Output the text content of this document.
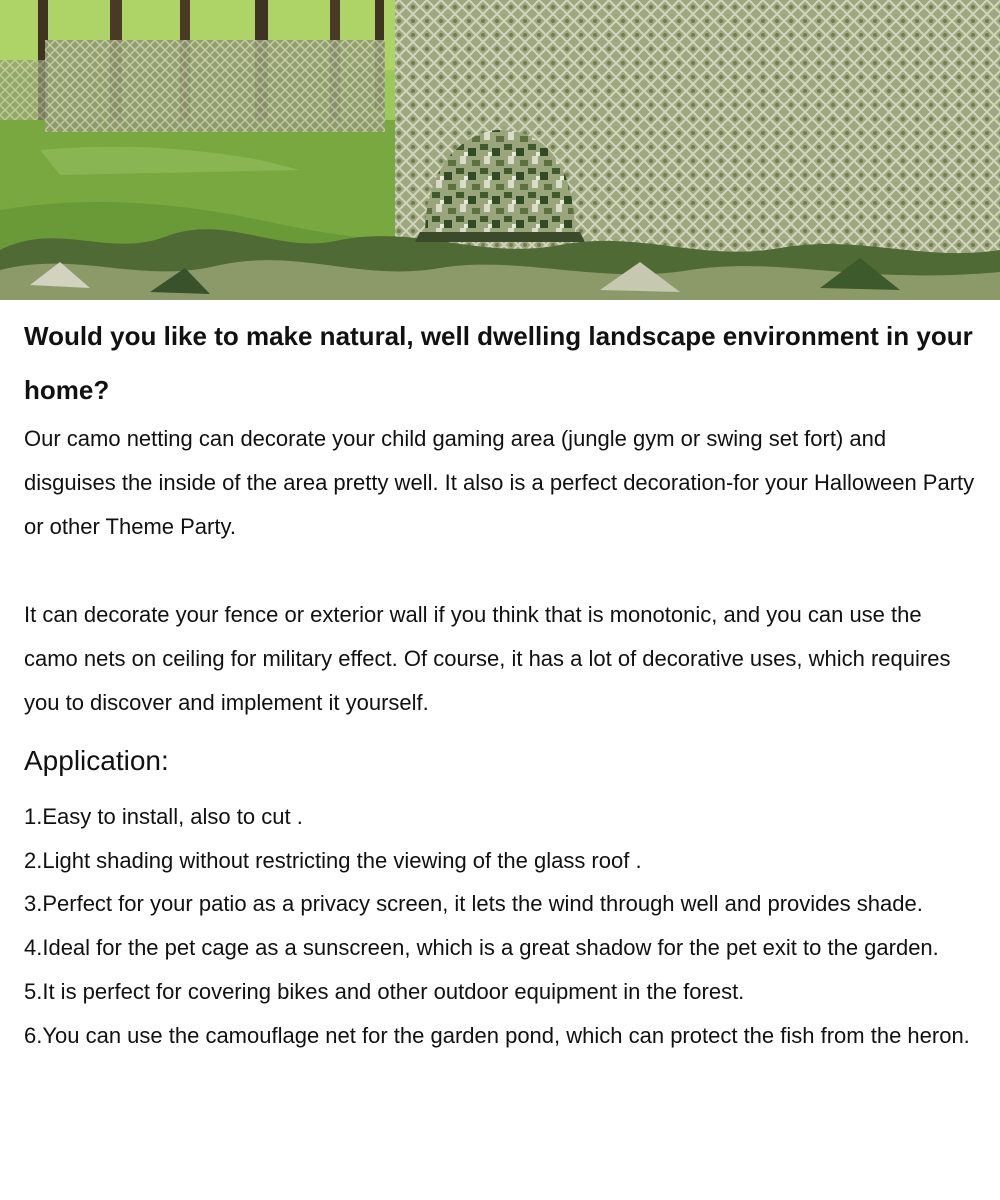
Would you like to make natural, well dwelling landscape environment in your home?

Our camo netting can decorate your child gaming area (jungle gym or swing set fort) and disguises the inside of the area pretty well. It also is a perfect decoration-for your Halloween Party or other Theme Party.

It can decorate your fence or exterior wall if you think that is monotonic, and you can use the camo nets on ceiling for military effect. Of course, it has a lot of decorative uses, which requires you to discover and implement it yourself.

Application:
1.Easy to install, also to cut .
2.Light shading without restricting the viewing of the glass roof .
3.Perfect for your patio as a privacy screen, it lets the wind through well and provides shade.
4.Ideal for the pet cage as a sunscreen, which is a great shadow for the pet exit to the garden.
5.It is perfect for covering bikes and other outdoor equipment in the forest.
6.You can use the camouflage net for the garden pond, which can protect the fish from the heron.
